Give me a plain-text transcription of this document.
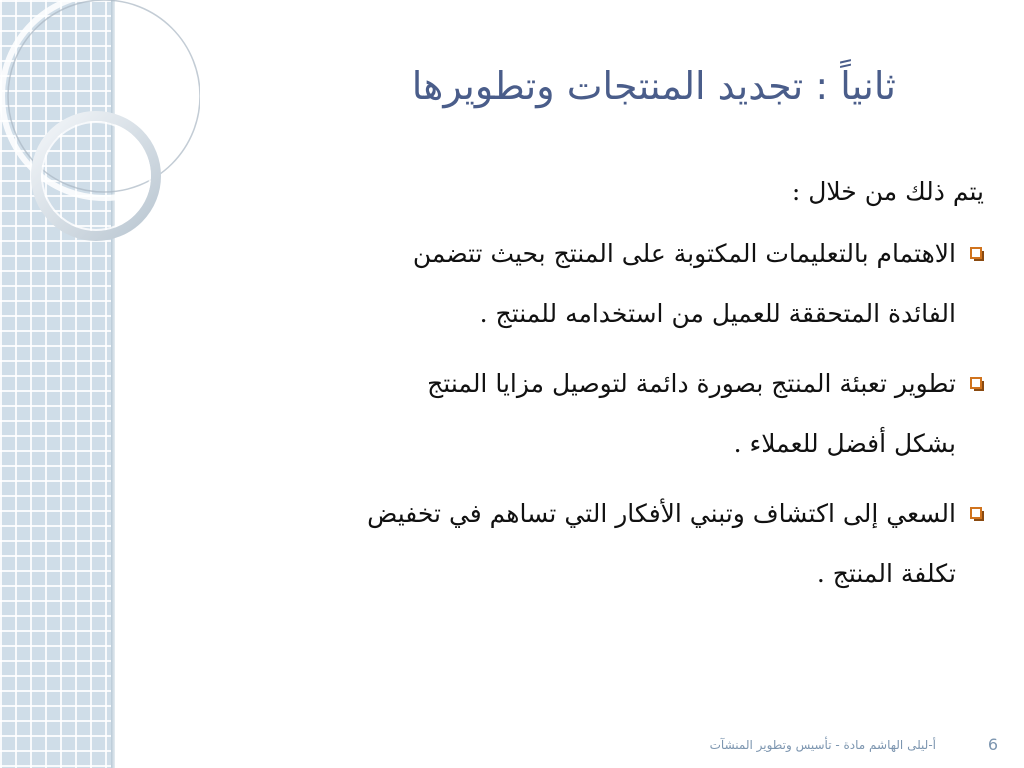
ثانياً : تجديد المنتجات وتطويرها
يتم ذلك من خلال :
الاهتمام بالتعليمات المكتوبة على المنتج بحيث تتضمن
الفائدة المتحققة للعميل من استخدامه للمنتج .
تطوير تعبئة المنتج بصورة دائمة لتوصيل مزايا المنتج
بشكل أفضل للعملاء .
السعي إلى اكتشاف وتبني الأفكار التي تساهم في تخفيض
تكلفة المنتج .
أ-ليلى الهاشم مادة - تأسيس وتطوير المنشآت	6
